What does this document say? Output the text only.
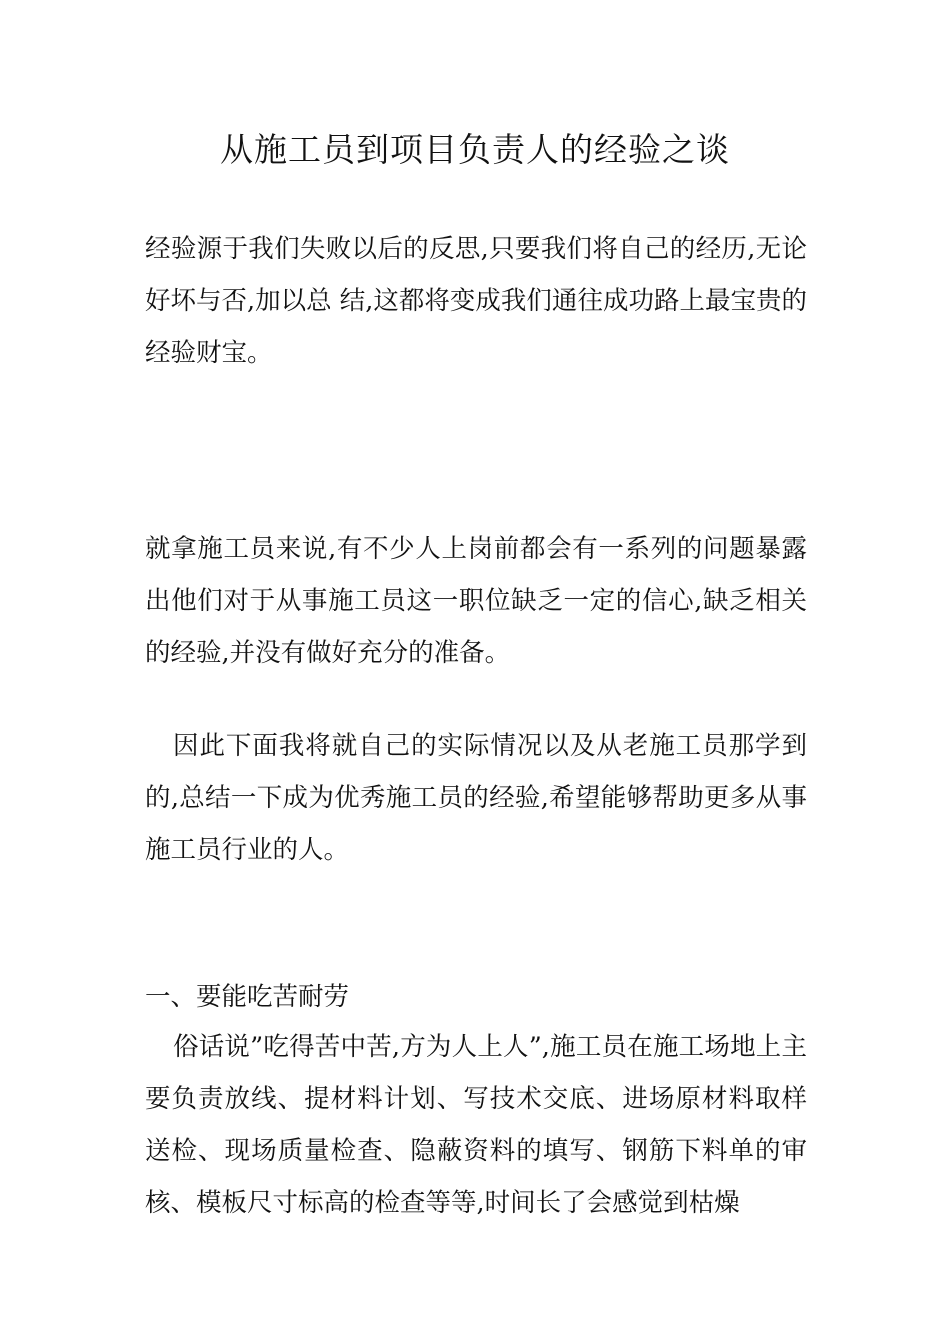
从施工员到项目负责人的经验之谈

经验源于我们失败以后的反思,只要我们将自己的经历,无论好坏与否,加以总 结,这都将变成我们通往成功路上最宝贵的经验财宝。

就拿施工员来说,有不少人上岗前都会有一系列的问题暴露出他们对于从事施工员这一职位缺乏一定的信心,缺乏相关的经验,并没有做好充分的准备。

因此下面我将就自己的实际情况以及从老施工员那学到的,总结一下成为优秀施工员的经验,希望能够帮助更多从事施工员行业的人。

一、要能吃苦耐劳

俗话说”吃得苦中苦,方为人上人”,施工员在施工场地上主要负责放线、提材料计划、写技术交底、进场原材料取样送检、现场质量检查、隐蔽资料的填写、钢筋下料单的审核、模板尺寸标高的检查等等,时间长了会感觉到枯燥
